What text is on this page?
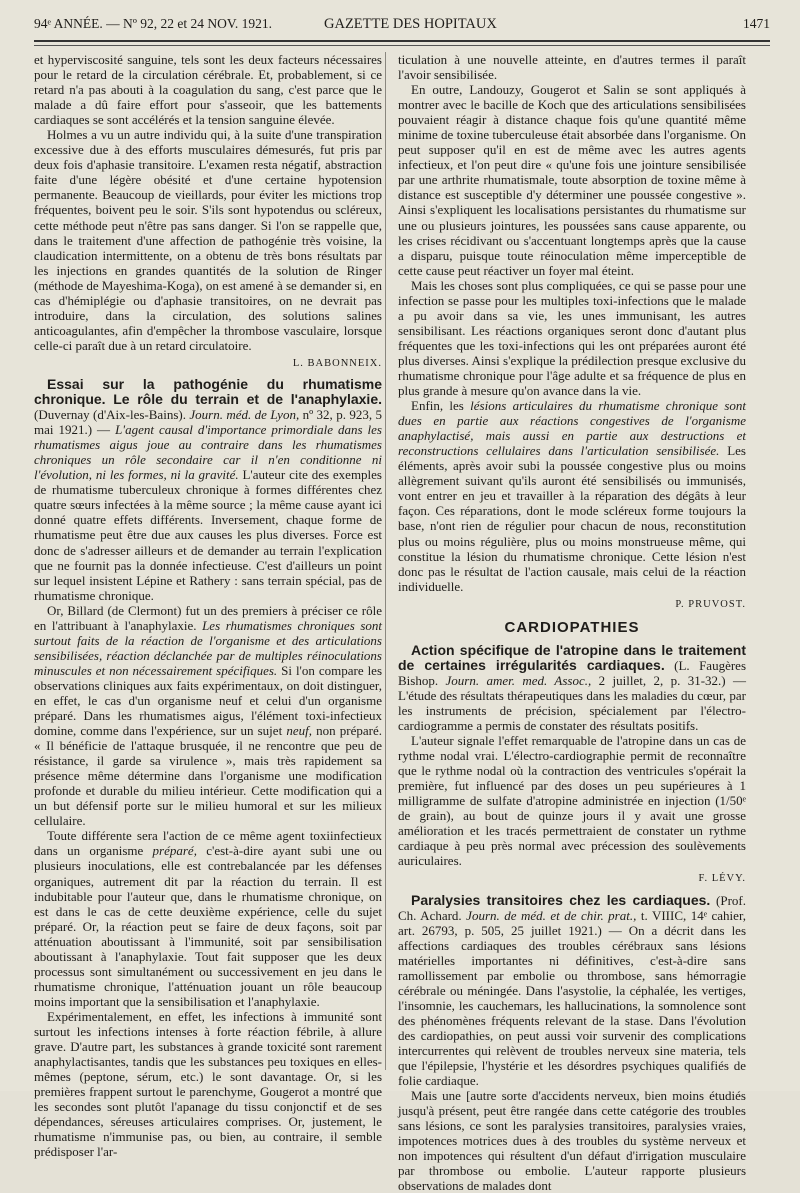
94ᵉ ANNÉE. — Nº 92, 22 et 24 NOV. 1921.	GAZETTE DES HOPITAUX	1471

et hyperviscosité sanguine, tels sont les deux facteurs nécessaires pour le retard de la circulation cérébrale. Et, probablement, si ce retard n'a pas abouti à la coagulation du sang, c'est parce que le malade a dû faire effort pour s'asseoir, que les battements cardiaques se sont accélérés et la tension sanguine élevée.

Holmes a vu un autre individu qui, à la suite d'une transpiration excessive due à des efforts musculaires démesurés, fut pris par deux fois d'aphasie transitoire. L'examen resta négatif, abstraction faite d'une légère obésité et d'une certaine hypotension permanente. Beaucoup de vieillards, pour éviter les mictions trop fréquentes, boivent peu le soir. S'ils sont hypotendus ou scléreux, cette méthode peut n'être pas sans danger. Si l'on se rappelle que, dans le traitement d'une affection de pathogénie très voisine, la claudication intermittente, on a obtenu de très bons résultats par les injections en grandes quantités de la solution de Ringer (méthode de Mayeshima-Koga), on est amené à se demander si, en cas d'hémiplégie ou d'aphasie transitoires, on ne devrait pas introduire, dans la circulation, des solutions salines anticoagulantes, afin d'empêcher la thrombose vasculaire, lorsque celle-ci paraît due à un retard circulatoire.

L. BABONNEIX.

Essai sur la pathogénie du rhumatisme chronique. Le rôle du terrain et de l'anaphylaxie. (Duvernay (d'Aix-les-Bains). Journ. méd. de Lyon, nº 32, p. 923, 5 mai 1921.) — L'agent causal d'importance primordiale dans les rhumatismes aigus joue au contraire dans les rhumatismes chroniques un rôle secondaire car il n'en conditionne ni l'évolution, ni les formes, ni la gravité. L'auteur cite des exemples de rhumatisme tuberculeux chronique à formes différentes chez quatre sœurs infectées à la même source ; la même cause ayant ici donné quatre effets différents. Inversement, chaque forme de rhumatisme peut être due aux causes les plus diverses. Force est donc de s'adresser ailleurs et de demander au terrain l'explication que ne fournit pas la donnée infectieuse. C'est d'ailleurs un point sur lequel insistent Lépine et Rathery : sans terrain spécial, pas de rhumatisme chronique.

Or, Billard (de Clermont) fut un des premiers à préciser ce rôle en l'attribuant à l'anaphylaxie. Les rhumatismes chroniques sont surtout faits de la réaction de l'organisme et des articulations sensibilisées, réaction déclanchée par de multiples réinoculations minuscules et non nécessairement spécifiques. Si l'on compare les observations cliniques aux faits expérimentaux, on doit distinguer, en effet, le cas d'un organisme neuf et celui d'un organisme préparé. Dans les rhumatismes aigus, l'élément toxi-infectieux domine, comme dans l'expérience, sur un sujet neuf, non préparé. « Il bénéficie de l'attaque brusquée, il ne rencontre que peu de résistance, il garde sa virulence », mais très rapidement sa présence même détermine dans l'organisme une modification profonde et durable du milieu intérieur. Cette modification qui a un but défensif porte sur le milieu humoral et sur les milieux cellulaire.

Toute différente sera l'action de ce même agent toxiinfectieux dans un organisme préparé, c'est-à-dire ayant subi une ou plusieurs inoculations, elle est contrebalancée par les défenses organiques, autrement dit par la réaction du terrain. Il est indubitable pour l'auteur que, dans le rhumatisme chronique, on est dans le cas de cette deuxième expérience, celle du sujet préparé. Or, la réaction peut se faire de deux façons, soit par atténuation aboutissant à l'immunité, soit par sensibilisation aboutissant à l'anaphylaxie. Tout fait supposer que les deux processus sont simultanément ou successivement en jeu dans le rhumatisme chronique, l'atténuation jouant un rôle beaucoup moins important que la sensibilisation et l'anaphylaxie.

Expérimentalement, en effet, les infections à immunité sont surtout les infections intenses à forte réaction fébrile, à allure grave. D'autre part, les substances à grande toxicité sont rarement anaphylactisantes, tandis que les substances peu toxiques en elles-mêmes (peptone, sérum, etc.) le sont davantage. Or, si les premières frappent surtout le parenchyme, Gougerot a montré que les secondes sont plutôt l'apanage du tissu conjonctif et de ses dépendances, séreuses articulaires comprises. Or, justement, le rhumatisme n'immunise pas, ou bien, au contraire, il semble prédisposer l'ar-

ticulation à une nouvelle atteinte, en d'autres termes il paraît l'avoir sensibilisée.

En outre, Landouzy, Gougerot et Salin se sont appliqués à montrer avec le bacille de Koch que des articulations sensibilisées pouvaient réagir à distance chaque fois qu'une quantité même minime de toxine tuberculeuse était absorbée dans l'organisme. On peut supposer qu'il en est de même avec les autres agents infectieux, et l'on peut dire « qu'une fois une jointure sensibilisée par une arthrite rhumatismale, toute absorption de toxine même à distance est susceptible d'y déterminer une poussée congestive ». Ainsi s'expliquent les localisations persistantes du rhumatisme sur une ou plusieurs jointures, les poussées sans cause apparente, ou les crises récidivant ou s'accentuant longtemps après que la cause a disparu, puisque toute réinoculation même imperceptible de cette cause peut réactiver un foyer mal éteint.

Mais les choses sont plus compliquées, ce qui se passe pour une infection se passe pour les multiples toxi-infections que le malade a pu avoir dans sa vie, les unes immunisant, les autres sensibilisant. Les réactions organiques seront donc d'autant plus fréquentes que les toxi-infections qui les ont préparées auront été plus diverses. Ainsi s'explique la prédilection presque exclusive du rhumatisme chronique pour l'âge adulte et sa fréquence de plus en plus grande à mesure qu'on avance dans la vie.

Enfin, les lésions articulaires du rhumatisme chronique sont dues en partie aux réactions congestives de l'organisme anaphylactisé, mais aussi en partie aux destructions et reconstructions cellulaires dans l'articulation sensibilisée. Les éléments, après avoir subi la poussée congestive plus ou moins allègrement suivant qu'ils auront été sensibilisés ou immunisés, vont entrer en jeu et travailler à la réparation des dégâts à leur façon. Ces réparations, dont le mode scléreux forme toujours la base, n'ont rien de régulier pour chacun de nous, reconstitution plus ou moins régulière, plus ou moins monstrueuse même, qui constitue la lésion du rhumatisme chronique. Cette lésion n'est donc pas le résultat de l'action causale, mais celui de la réaction individuelle.

P. PRUVOST.
CARDIOPATHIES

Action spécifique de l'atropine dans le traitement de certaines irrégularités cardiaques. (L. Faugères Bishop. Journ. amer. med. Assoc., 2 juillet, 2, p. 31-32.) — L'étude des résultats thérapeutiques dans les maladies du cœur, par les instruments de précision, spécialement par l'électro-cardiogramme a permis de constater des résultats positifs.

L'auteur signale l'effet remarquable de l'atropine dans un cas de rythme nodal vrai. L'électro-cardiographie permit de reconnaître que le rythme nodal où la contraction des ventricules s'opérait la première, fut influencé par des doses un peu supérieures à 1 milligramme de sulfate d'atropine administrée en injection (1/50ᵉ de grain), au bout de quinze jours il y avait une grosse amélioration et les tracés permettraient de constater un rythme cardiaque à peu près normal avec précession des soulèvements auriculaires.

F. LÉVY.

Paralysies transitoires chez les cardiaques. (Prof. Ch. Achard. Journ. de méd. et de chir. prat., t. VIIIC, 14ᵉ cahier, art. 26793, p. 505, 25 juillet 1921.) — On a décrit dans les affections cardiaques des troubles cérébraux sans lésions matérielles importantes ni définitives, c'est-à-dire sans ramollissement par embolie ou thrombose, sans hémorragie cérébrale ou méningée. Dans l'asystolie, la céphalée, les vertiges, l'insomnie, les cauchemars, les hallucinations, la somnolence sont des phénomènes fréquents relevant de la stase. Dans l'évolution des cardiopathies, on peut aussi voir survenir des complications intercurrentes qui relèvent de troubles nerveux sine materia, tels que l'épilepsie, l'hystérie et les désordres psychiques qualifiés de folie cardiaque.

Mais une [autre sorte d'accidents nerveux, bien moins étudiés jusqu'à présent, peut être rangée dans cette catégorie des troubles sans lésions, ce sont les paralysies transitoires, paralysies vraies, impotences motrices dues à des troubles du système nerveux et non impotences qui résultent d'un défaut d'irrigation musculaire par thrombose ou embolie. L'auteur rapporte plusieurs observations de malades dont
